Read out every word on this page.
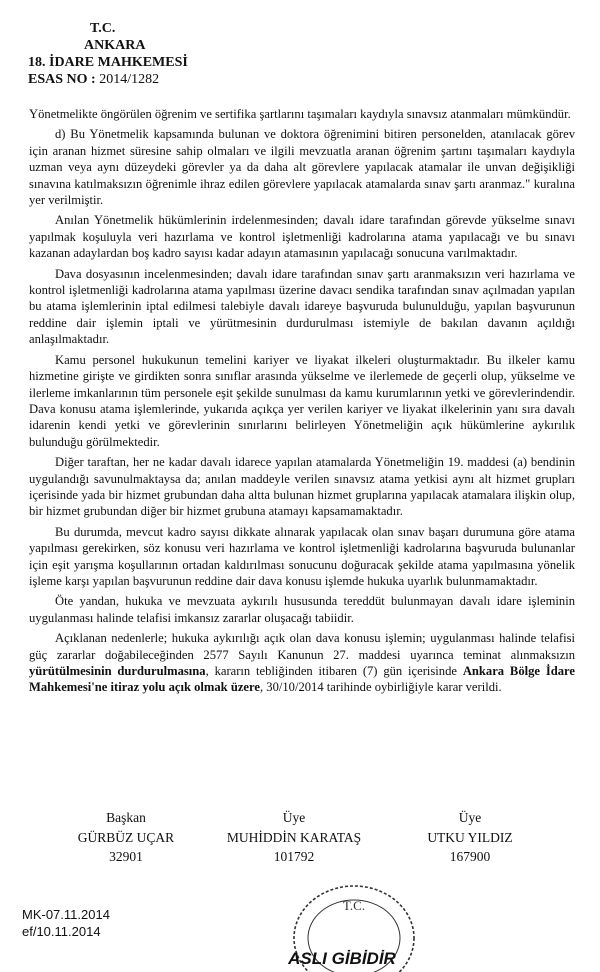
T.C.
ANKARA
18. İDARE MAHKEMESİ
ESAS NO : 2014/1282

Yönetmelikte öngörülen öğrenim ve sertifika şartlarını taşımaları kaydıyla sınavsız atanmaları mümkündür.

d) Bu Yönetmelik kapsamında bulunan ve doktora öğrenimini bitiren personelden, atanılacak görev için aranan hizmet süresine sahip olmaları ve ilgili mevzuatla aranan öğrenim şartını taşımaları kaydıyla uzman veya aynı düzeydeki görevler ya da daha alt görevlere yapılacak atamalar ile unvan değişikliği sınavına katılmaksızın öğrenimle ihraz edilen görevlere yapılacak atamalarda sınav şartı aranmaz." kuralına yer verilmiştir.

Anılan Yönetmelik hükümlerinin irdelenmesinden; davalı idare tarafından görevde yükselme sınavı yapılmak koşuluyla veri hazırlama ve kontrol işletmenliği kadrolarına atama yapılacağı ve bu sınavı kazanan adaylardan boş kadro sayısı kadar adayın atamasının yapılacağı sonucuna varılmaktadır.

Dava dosyasının incelenmesinden; davalı idare tarafından sınav şartı aranmaksızın veri hazırlama ve kontrol işletmenliği kadrolarına atama yapılması üzerine davacı sendika tarafından sınav açılmadan yapılan bu atama işlemlerinin iptal edilmesi talebiyle davalı idareye başvuruda bulunulduğu, yapılan başvurunun reddine dair işlemin iptali ve yürütmesinin durdurulması istemiyle de bakılan davanın açıldığı anlaşılmaktadır.

Kamu personel hukukunun temelini kariyer ve liyakat ilkeleri oluşturmaktadır. Bu ilkeler kamu hizmetine girişte ve girdikten sonra sınıflar arasında yükselme ve ilerlemede de geçerli olup, yükselme ve ilerleme imkanlarının tüm personele eşit şekilde sunulması da kamu kurumlarının yetki ve görevlerindendir. Dava konusu atama işlemlerinde, yukarıda açıkça yer verilen kariyer ve liyakat ilkelerinin yanı sıra davalı idarenin kendi yetki ve görevlerinin sınırlarını belirleyen Yönetmeliğin açık hükümlerine aykırılık bulunduğu görülmektedir.

Diğer taraftan, her ne kadar davalı idarece yapılan atamalarda Yönetmeliğin 19. maddesi (a) bendinin uygulandığı savunulmaktaysa da; anılan maddeyle verilen sınavsız atama yetkisi aynı alt hizmet grupları içerisinde yada bir hizmet grubundan daha altta bulunan hizmet gruplarına yapılacak atamalara ilişkin olup, bir hizmet grubundan diğer bir hizmet grubuna atamayı kapsamamaktadır.

Bu durumda, mevcut kadro sayısı dikkate alınarak yapılacak olan sınav başarı durumuna göre atama yapılması gerekirken, söz konusu veri hazırlama ve kontrol işletmenliği kadrolarına başvuruda bulunanlar için eşit yarışma koşullarının ortadan kaldırılması sonucunu doğuracak şekilde atama yapılmasına yönelik işleme karşı yapılan başvurunun reddine dair dava konusu işlemde hukuka uyarlık bulunmamaktadır.

Öte yandan, hukuka ve mevzuata aykırılı hususunda tereddüt bulunmayan davalı idare işleminin uygulanması halinde telafisi imkansız zararlar oluşacağı tabiidir.

Açıklanan nedenlerle; hukuka aykırılığı açık olan dava konusu işlemin; uygulanması halinde telafisi güç zararlar doğabileceğinden 2577 Sayılı Kanunun 27. maddesi uyarınca teminat alınmaksızın yürütülmesinin durdurulmasına, kararın tebliğinden itibaren (7) gün içerisinde Ankara Bölge İdare Mahkemesi'ne itiraz yolu açık olmak üzere, 30/10/2014 tarihinde oybirliğiyle karar verildi.

Başkan
GÜRBÜZ UÇAR
32901
Üye
MUHİDDİN KARATAŞ
101792
Üye
UTKU YILDIZ
167900
MK-07.11.2014
ef/10.11.2014
T.C.
ASLI GİBİDİR
